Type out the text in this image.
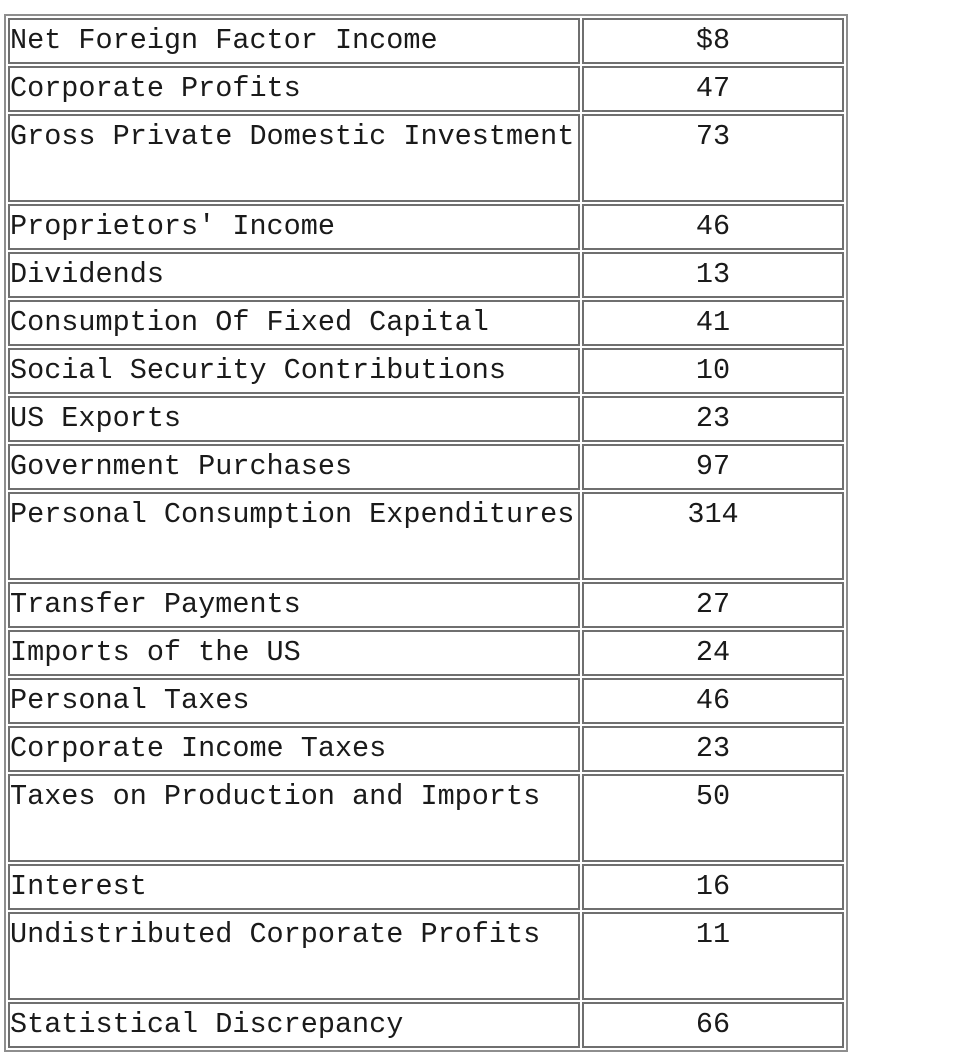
Net Foreign Factor Income	$8
Corporate Profits	47
Gross Private Domestic Investment	73
Proprietors' Income	46
Dividends	13
Consumption Of Fixed Capital	41
Social Security Contributions	10
US Exports	23
Government Purchases	97
Personal Consumption Expenditures	314
Transfer Payments	27
Imports of the US	24
Personal Taxes	46
Corporate Income Taxes	23
Taxes on Production and Imports	50
Interest	16
Undistributed Corporate Profits	11
Statistical Discrepancy	66
